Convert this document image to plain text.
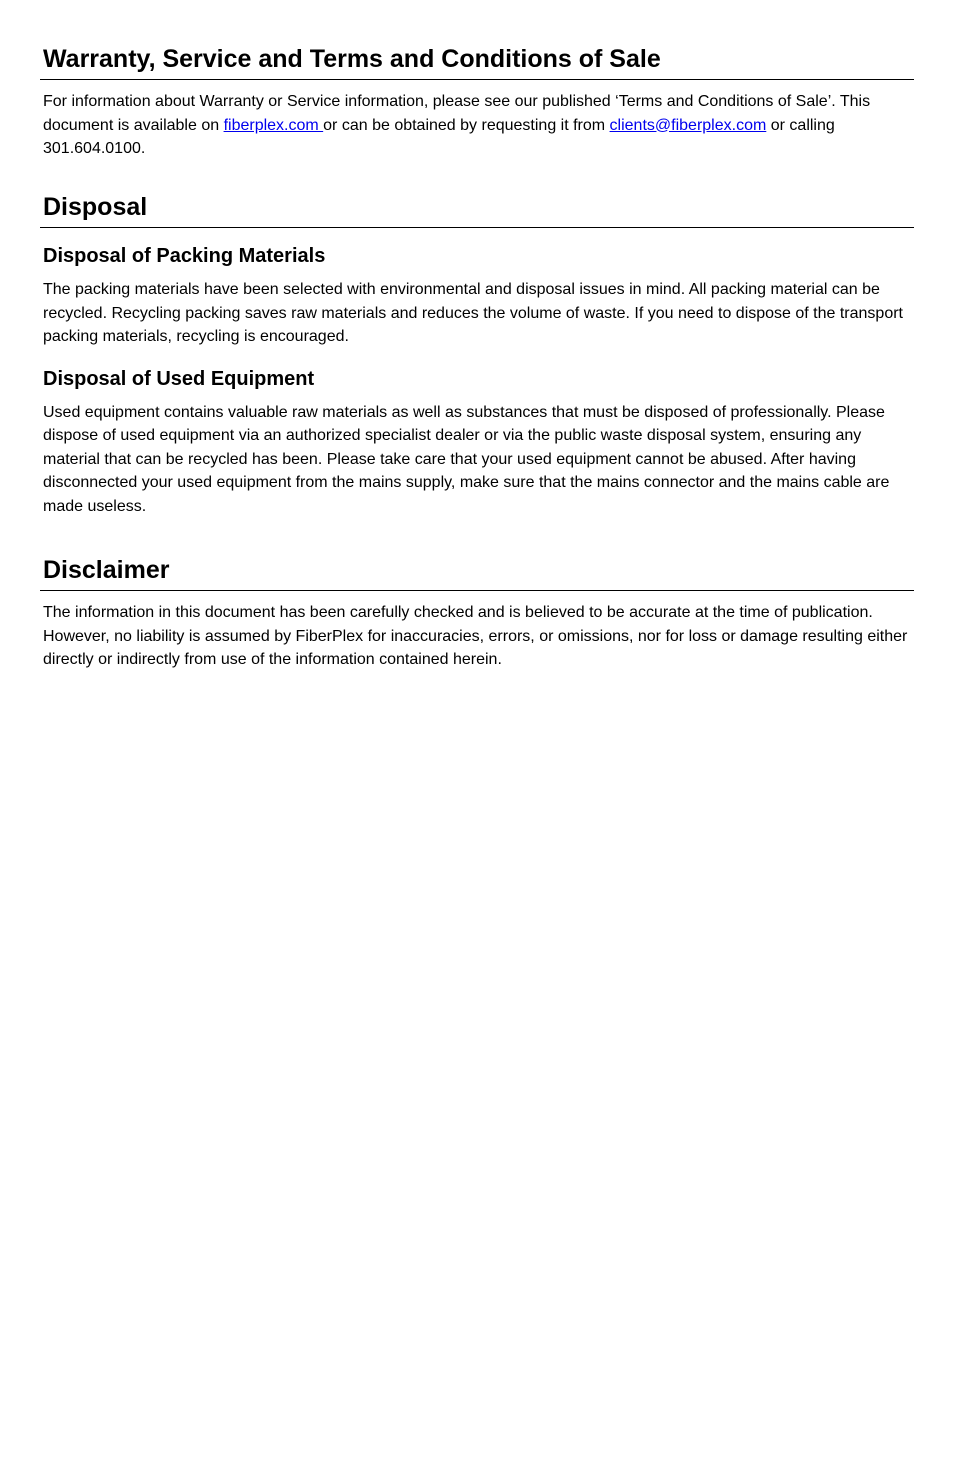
Warranty, Service and Terms and Conditions of Sale

For information about Warranty or Service information, please see our published ‘Terms and Conditions of Sale’. This document is available on fiberplex.com or can be obtained by requesting it from clients@fiberplex.com or calling 301.604.0100.

Disposal
Disposal of Packing Materials

The packing materials have been selected with environmental and disposal issues in mind. All packing material can be recycled. Recycling packing saves raw materials and reduces the volume of waste. If you need to dispose of the transport packing materials, recycling is encouraged.

Disposal of Used Equipment

Used equipment contains valuable raw materials as well as substances that must be disposed of professionally. Please dispose of used equipment via an authorized specialist dealer or via the public waste disposal system, ensuring any material that can be recycled has been. Please take care that your used equipment cannot be abused. After having disconnected your used equipment from the mains supply, make sure that the mains connector and the mains cable are made useless.

Disclaimer

The information in this document has been carefully checked and is believed to be accurate at the time of publication. However, no liability is assumed by FiberPlex for inaccuracies, errors, or omissions, nor for loss or damage resulting either directly or indirectly from use of the information contained herein.
